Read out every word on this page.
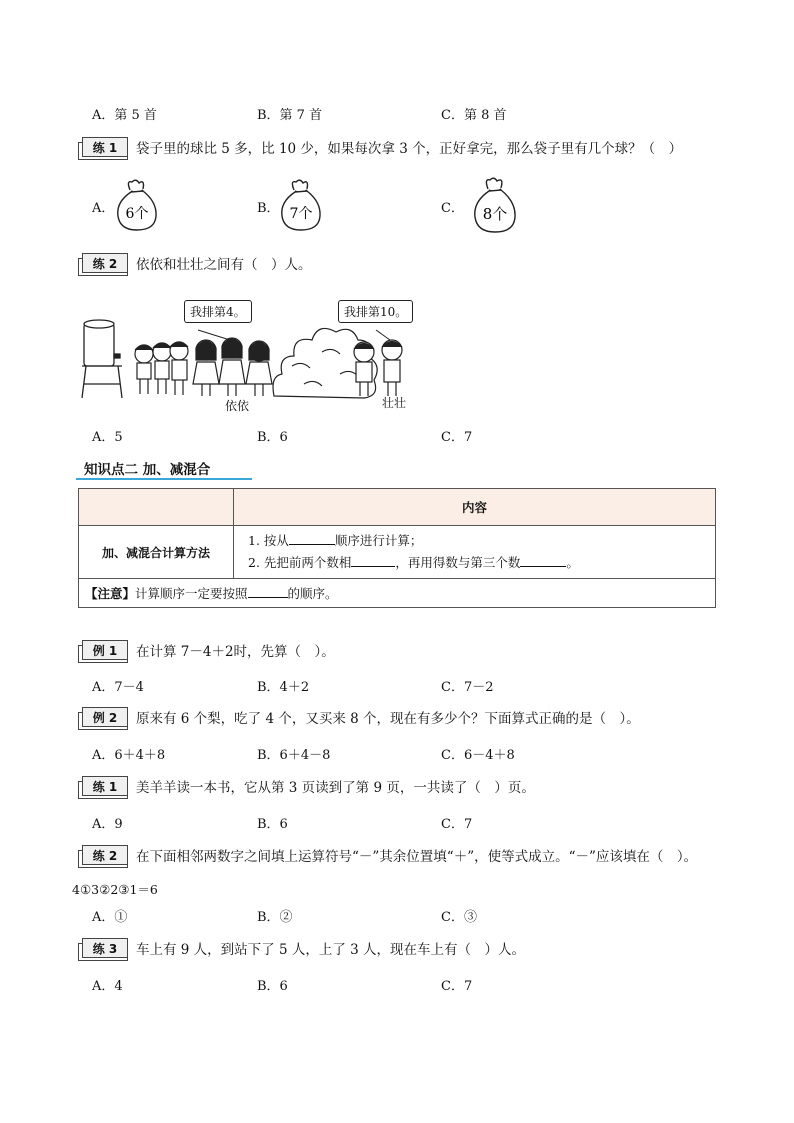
A．第 5 首	B．第 7 首	C．第 8 首
练 1	袋子里的球比 5 多，比 10 少，如果每次拿 3 个，正好拿完，那么袋子里有几个球？（　）
A．	B．	C．
6个	7个	8个
练 2	依依和壮壮之间有（　）人。
我排第4。	我排第10。
依依	壮壮
A．5	B．6	C．7
知识点二 加、减混合
	内容
加、减混合计算方法	1. 按从 顺序进行计算；
2. 先把前两个数相 ，再用得数与第三个数 。

【注意】计算顺序一定要按照 的顺序。	
例 1	在计算 7－4＋2时，先算（　）。
A．7－4	B．4＋2	C．7－2
例 2	原来有 6 个梨，吃了 4 个，又买来 8 个，现在有多少个？下面算式正确的是（　）。
A．6＋4＋8	B．6＋4－8	C．6－4＋8
练 1	美羊羊读一本书，它从第 3 页读到了第 9 页，一共读了（　）页。
A．9	B．6	C．7
练 2	在下面相邻两数字之间填上运算符号“－”其余位置填“＋”，使等式成立。“－”应该填在（　）。
4①3②2③1＝6
A．①	B．②	C．③
练 3	车上有 9 人，到站下了 5 人，上了 3 人，现在车上有（　）人。
A．4	B．6	C．7
